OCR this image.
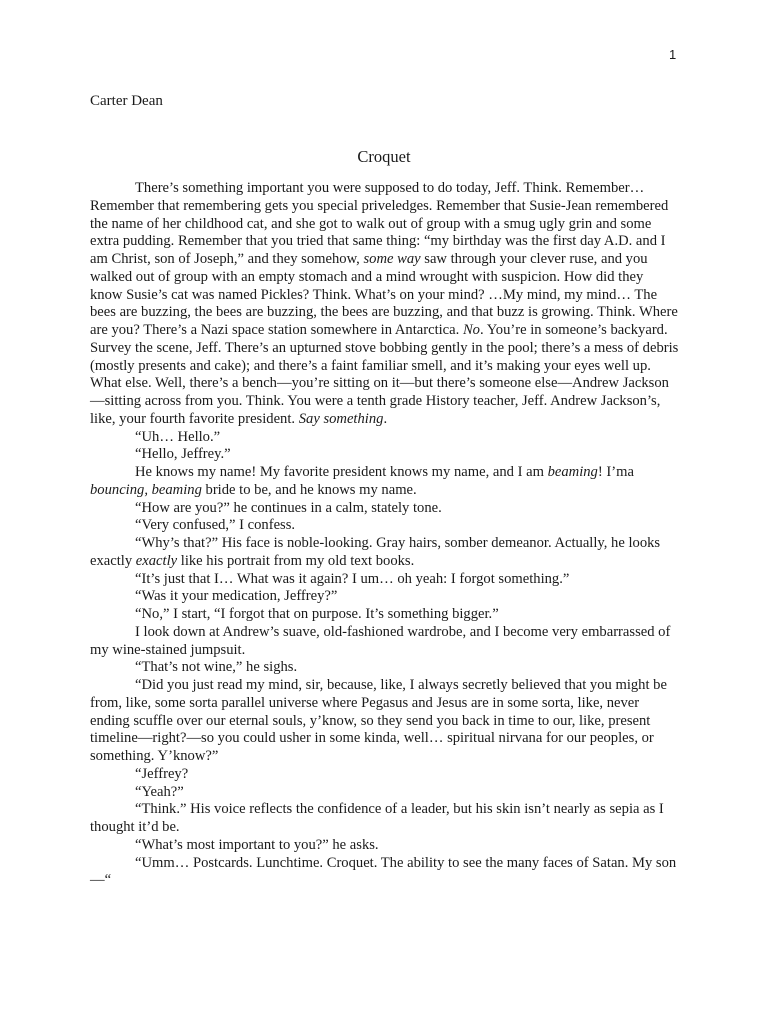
1
Carter Dean
Croquet

There’s something important you were supposed to do today, Jeff. Think. Remember… Remember that remembering gets you special priveledges. Remember that Susie-Jean remembered the name of her childhood cat, and she got to walk out of group with a smug ugly grin and some extra pudding. Remember that you tried that same thing: “my birthday was the first day A.D. and I am Christ, son of Joseph,” and they somehow, some way saw through your clever ruse, and you walked out of group with an empty stomach and a mind wrought with suspicion. How did they know Susie’s cat was named Pickles? Think. What’s on your mind? …My mind, my mind… The bees are buzzing, the bees are buzzing, the bees are buzzing, and that buzz is growing. Think. Where are you? There’s a Nazi space station somewhere in Antarctica. No. You’re in someone’s backyard. Survey the scene, Jeff. There’s an upturned stove bobbing gently in the pool; there’s a mess of debris (mostly presents and cake); and there’s a faint familiar smell, and it’s making your eyes well up. What else. Well, there’s a bench—you’re sitting on it—but there’s someone else—Andrew Jackson—sitting across from you. Think. You were a tenth grade History teacher, Jeff. Andrew Jackson’s, like, your fourth favorite president. Say something.

“Uh… Hello.”

“Hello, Jeffrey.”

He knows my name! My favorite president knows my name, and I am beaming! I’ma bouncing, beaming bride to be, and he knows my name.

“How are you?” he continues in a calm, stately tone.

“Very confused,” I confess.

“Why’s that?” His face is noble-looking. Gray hairs, somber demeanor. Actually, he looks exactly exactly like his portrait from my old text books.

“It’s just that I… What was it again? I um… oh yeah: I forgot something.”

“Was it your medication, Jeffrey?”

“No,” I start, “I forgot that on purpose. It’s something bigger.”

I look down at Andrew’s suave, old-fashioned wardrobe, and I become very embarrassed of my wine-stained jumpsuit.

“That’s not wine,” he sighs.

“Did you just read my mind, sir, because, like, I always secretly believed that you might be from, like, some sorta parallel universe where Pegasus and Jesus are in some sorta, like, never ending scuffle over our eternal souls, y’know, so they send you back in time to our, like, present timeline—right?—so you could usher in some kinda, well… spiritual nirvana for our peoples, or something. Y’know?”

“Jeffrey?

“Yeah?”

“Think.” His voice reflects the confidence of a leader, but his skin isn’t nearly as sepia as I thought it’d be.

“What’s most important to you?” he asks.

“Umm… Postcards. Lunchtime. Croquet. The ability to see the many faces of Satan. My son—“
